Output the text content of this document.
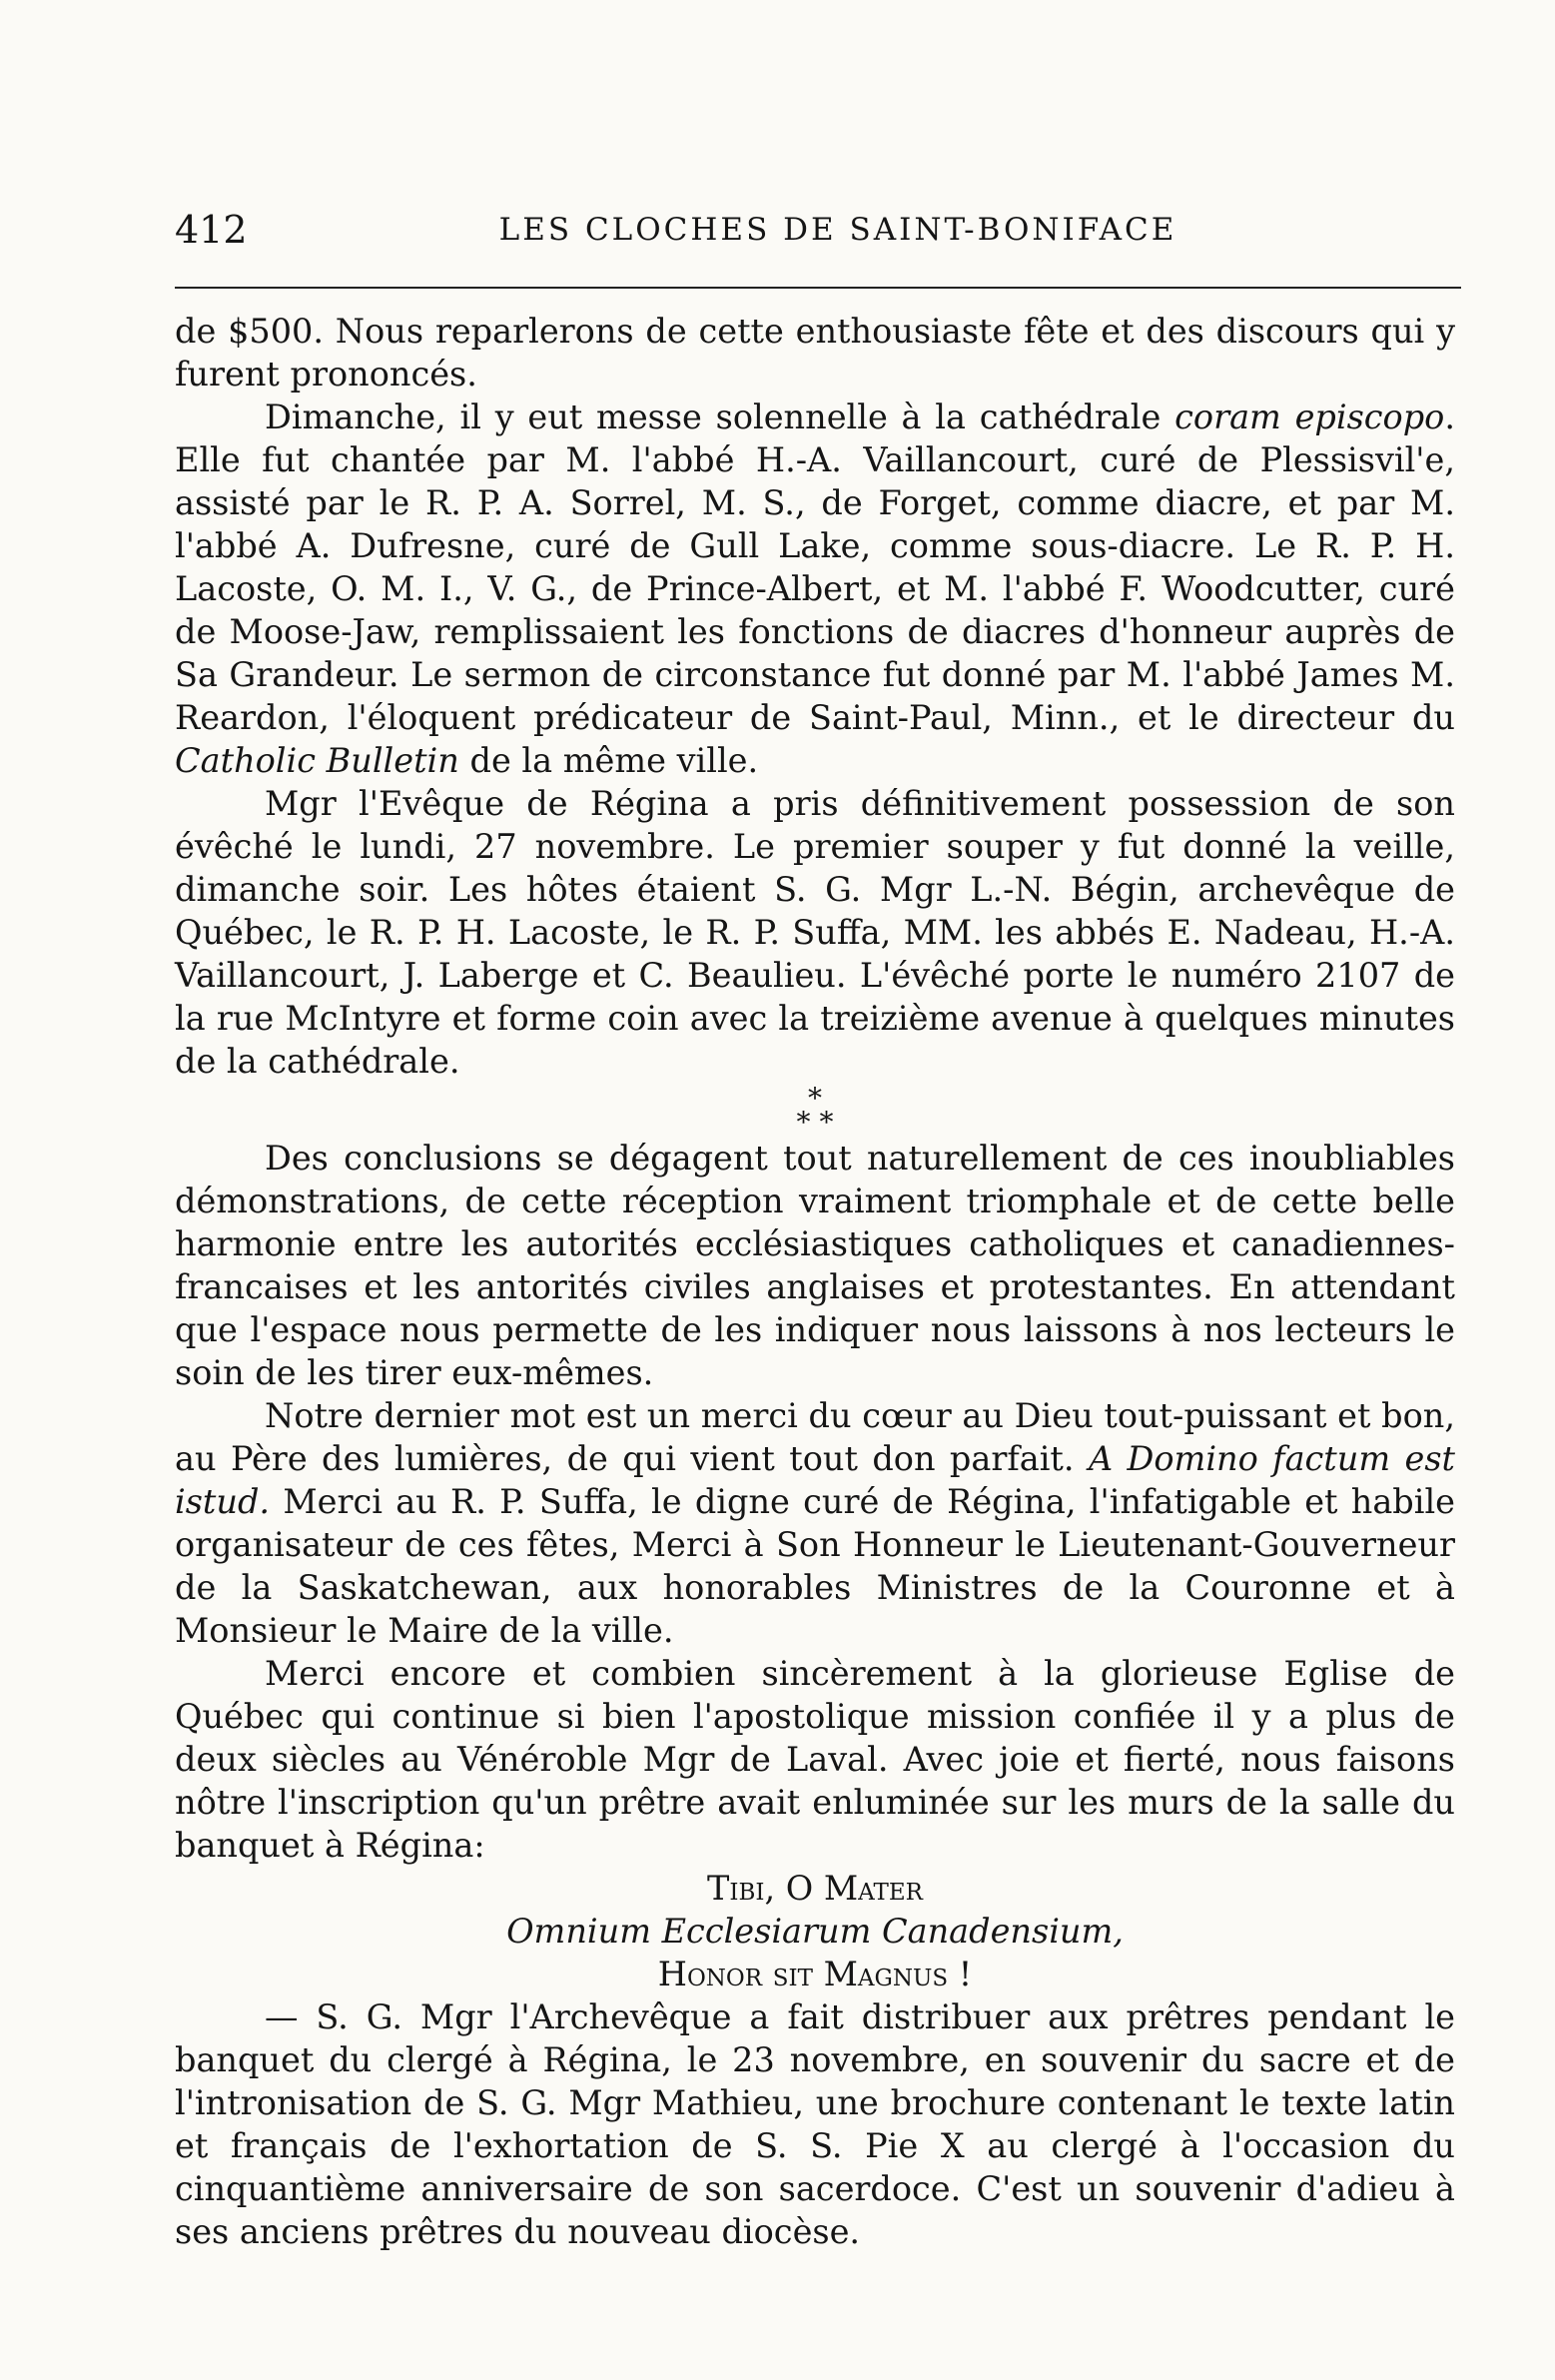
412	LES CLOCHES DE SAINT-BONIFACE

de $500. Nous reparlerons de cette enthousiaste fête et des discours qui y furent prononcés.

Dimanche, il y eut messe solennelle à la cathédrale coram episcopo. Elle fut chantée par M. l'abbé H.-A. Vaillancourt, curé de Plessisvil'e, assisté par le R. P. A. Sorrel, M. S., de Forget, comme diacre, et par M. l'abbé A. Dufresne, curé de Gull Lake, comme sous-diacre. Le R. P. H. Lacoste, O. M. I., V. G., de Prince-Albert, et M. l'abbé F. Woodcutter, curé de Moose-Jaw, remplissaient les fonctions de diacres d'honneur auprès de Sa Grandeur. Le sermon de circonstance fut donné par M. l'abbé James M. Reardon, l'éloquent prédicateur de Saint-Paul, Minn., et le directeur du Catholic Bulletin de la même ville.

Mgr l'Evêque de Régina a pris définitivement possession de son évêché le lundi, 27 novembre. Le premier souper y fut donné la veille, dimanche soir. Les hôtes étaient S. G. Mgr L.-N. Bégin, archevêque de Québec, le R. P. H. Lacoste, le R. P. Suffa, MM. les abbés E. Nadeau, H.-A. Vaillancourt, J. Laberge et C. Beaulieu. L'évêché porte le numéro 2107 de la rue McIntyre et forme coin avec la treizième avenue à quelques minutes de la cathédrale.

*
* *

Des conclusions se dégagent tout naturellement de ces inoubliables démonstrations, de cette réception vraiment triomphale et de cette belle harmonie entre les autorités ecclésiastiques catholiques et canadiennes-francaises et les antorités civiles anglaises et protestantes. En attendant que l'espace nous permette de les indiquer nous laissons à nos lecteurs le soin de les tirer eux-mêmes.

Notre dernier mot est un merci du cœur au Dieu tout-puissant et bon, au Père des lumières, de qui vient tout don parfait. A Domino factum est istud. Merci au R. P. Suffa, le digne curé de Régina, l'infatigable et habile organisateur de ces fêtes, Merci à Son Honneur le Lieutenant-Gouverneur de la Saskatchewan, aux honorables Ministres de la Couronne et à Monsieur le Maire de la ville.

Merci encore et combien sincèrement à la glorieuse Eglise de Québec qui continue si bien l'apostolique mission confiée il y a plus de deux siècles au Vénéroble Mgr de Laval. Avec joie et fierté, nous faisons nôtre l'inscription qu'un prêtre avait enluminée sur les murs de la salle du banquet à Régina:

Tibi, O Mater
Omnium Ecclesiarum Canadensium,
Honor sit Magnus !

— S. G. Mgr l'Archevêque a fait distribuer aux prêtres pendant le banquet du clergé à Régina, le 23 novembre, en souvenir du sacre et de l'intronisation de S. G. Mgr Mathieu, une brochure contenant le texte latin et français de l'exhortation de S. S. Pie X au clergé à l'occasion du cinquantième anniversaire de son sacerdoce. C'est un souvenir d'adieu à ses anciens prêtres du nouveau diocèse.
